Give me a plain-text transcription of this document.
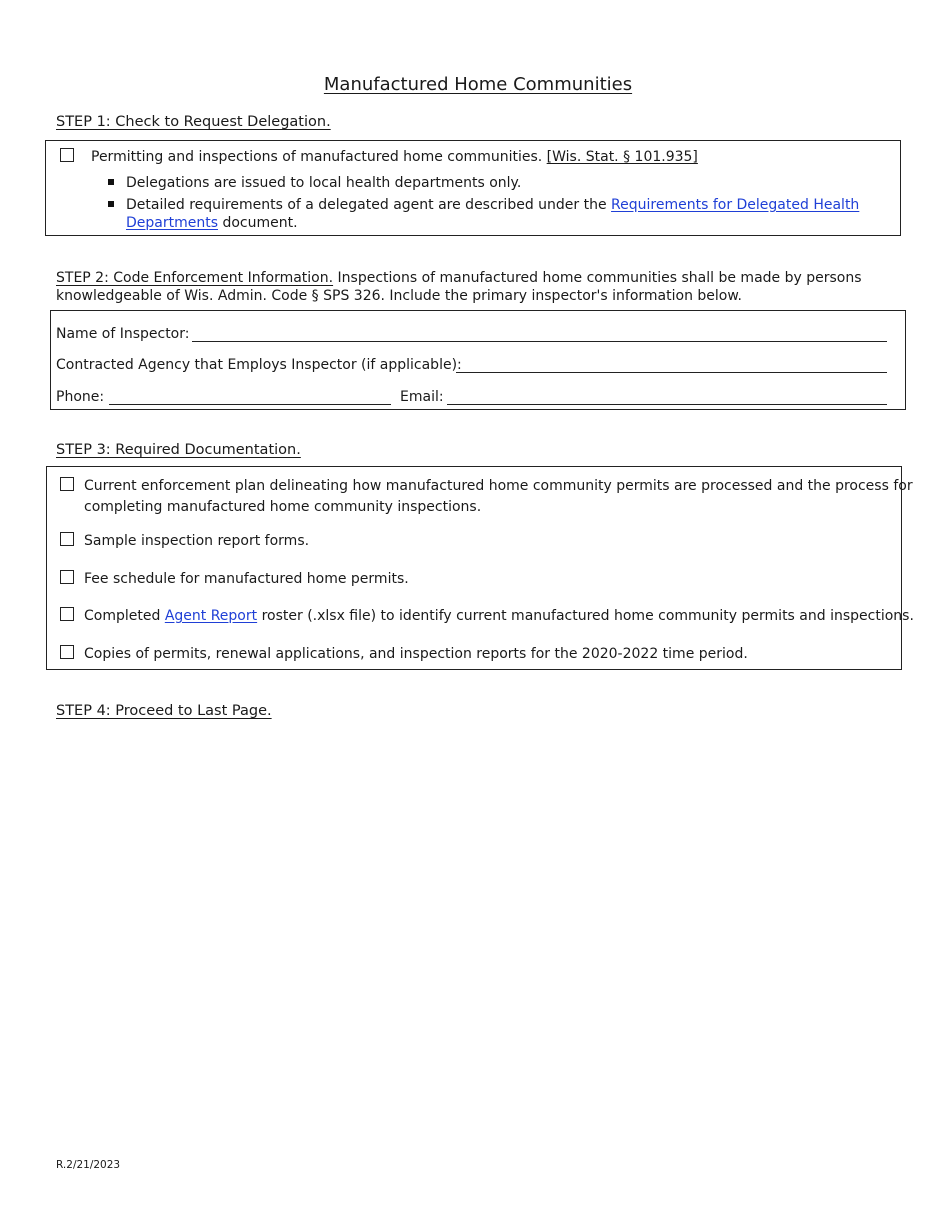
Manufactured Home Communities
STEP 1: Check to Request Delegation.
Permitting and inspections of manufactured home communities. [Wis. Stat. § 101.935]
Delegations are issued to local health departments only.
Detailed requirements of a delegated agent are described under the Requirements for Delegated Health
Departments document.
STEP 2: Code Enforcement Information. Inspections of manufactured home communities shall be made by persons
knowledgeable of Wis. Admin. Code § SPS 326. Include the primary inspector's information below.
Name of Inspector:
Contracted Agency that Employs Inspector (if applicable):
Phone:	Email:
STEP 3: Required Documentation.
Current enforcement plan delineating how manufactured home community permits are processed and the process for
completing manufactured home community inspections.
Sample inspection report forms.
Fee schedule for manufactured home permits.
Completed Agent Report roster (.xlsx file) to identify current manufactured home community permits and inspections.
Copies of permits, renewal applications, and inspection reports for the 2020-2022 time period.
STEP 4: Proceed to Last Page.
R.2/21/2023
